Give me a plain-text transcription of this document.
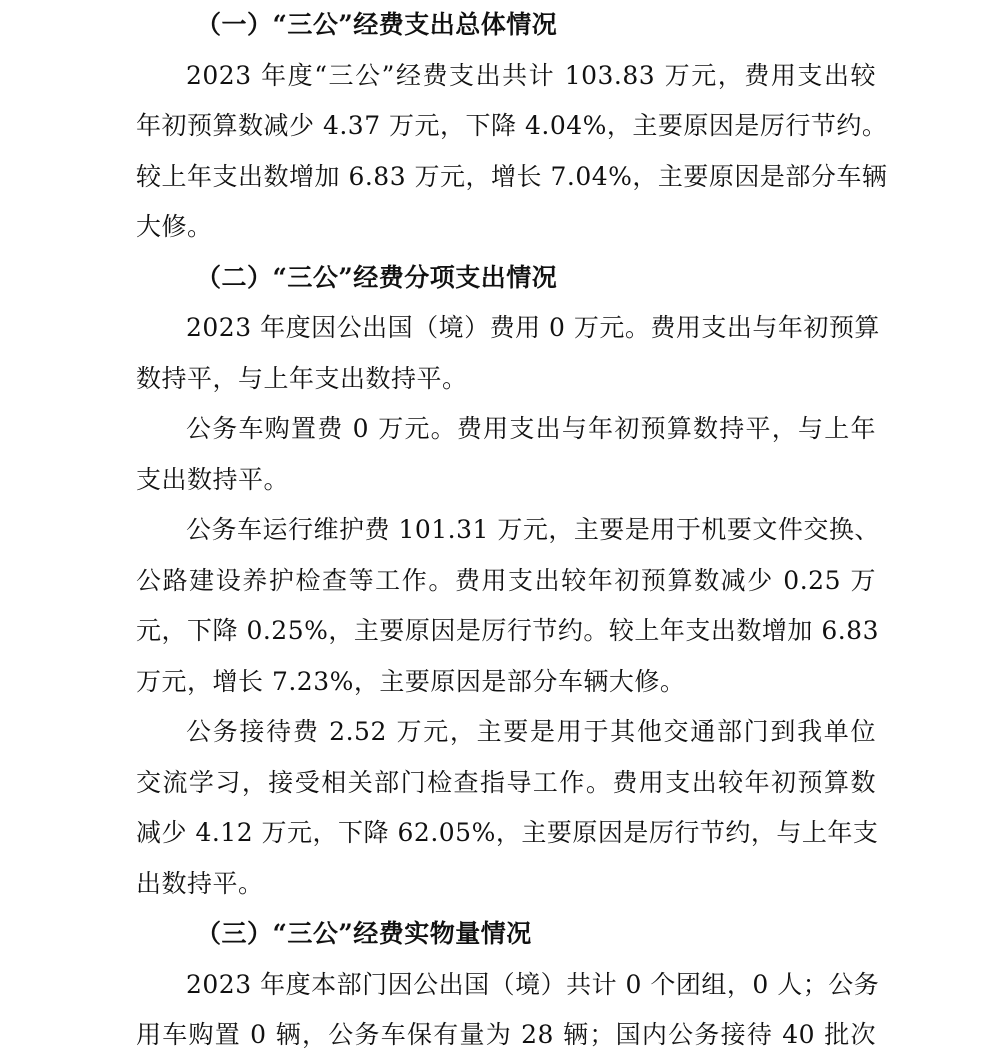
（一）“三公”经费支出总体情况
2023 年度“三公”经费支出共计 103.83 万元，费用支出较
年初预算数减少 4.37 万元，下降 4.04%，主要原因是厉行节约。
较上年支出数增加 6.83 万元，增长 7.04%，主要原因是部分车辆
大修。
（二）“三公”经费分项支出情况
2023 年度因公出国（境）费用 0 万元。费用支出与年初预算
数持平，与上年支出数持平。
公务车购置费 0 万元。费用支出与年初预算数持平，与上年
支出数持平。
公务车运行维护费 101.31 万元，主要是用于机要文件交换、
公路建设养护检查等工作。费用支出较年初预算数减少 0.25 万
元，下降 0.25%，主要原因是厉行节约。较上年支出数增加 6.83
万元，增长 7.23%，主要原因是部分车辆大修。
公务接待费 2.52 万元，主要是用于其他交通部门到我单位
交流学习，接受相关部门检查指导工作。费用支出较年初预算数
减少 4.12 万元，下降 62.05%，主要原因是厉行节约，与上年支
出数持平。
（三）“三公”经费实物量情况
2023 年度本部门因公出国（境）共计 0 个团组，0 人；公务
用车购置 0 辆，公务车保有量为 28 辆；国内公务接待 40 批次
